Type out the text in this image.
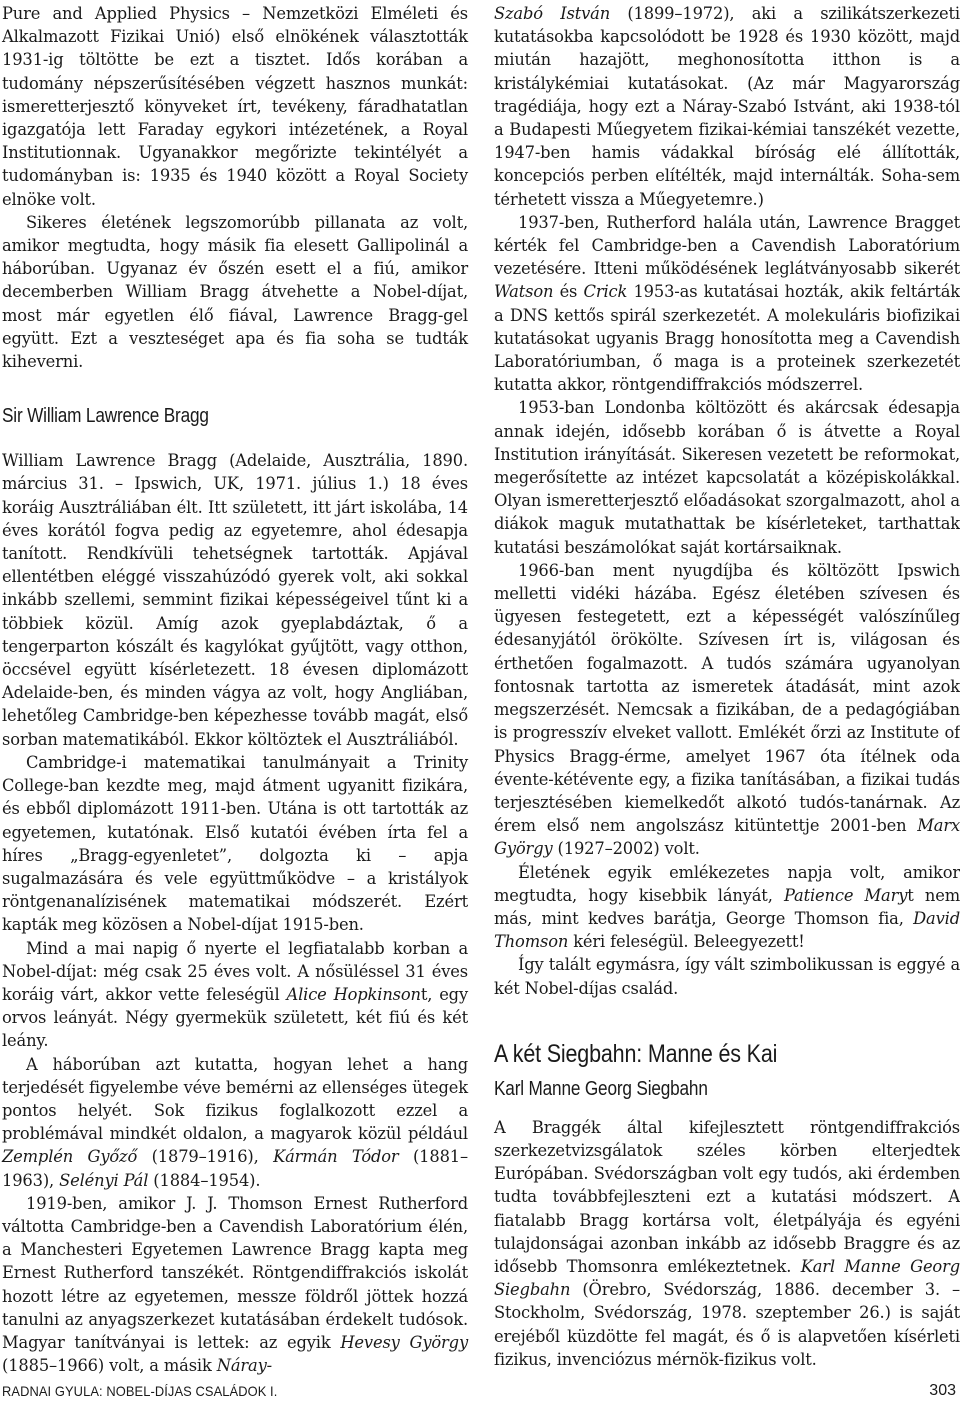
Pure and Applied Physics – Nemzetközi Elméleti és Alkalmazott Fizikai Unió) első elnökének választották 1931-ig töltötte be ezt a tisztet. Idős korában a tudomány népszerűsítésében végzett hasznos munkát: ismeretterjesztő könyveket írt, tevékeny, fáradhatatlan igazgatója lett Faraday egykori intézetének, a Royal Institutionnak. Ugyanakkor megőrizte tekintélyét a tudományban is: 1935 és 1940 között a Royal Society elnöke volt.

Sikeres életének legszomorúbb pillanata az volt, amikor megtudta, hogy másik fia elesett Gallipolinál a háborúban. Ugyanaz év őszén esett el a fiú, amikor decemberben William Bragg átvehette a Nobel-díjat, most már egyetlen élő fiával, Lawrence Bragg-gel együtt. Ezt a veszteséget apa és fia soha se tudták kiheverni.

Sir William Lawrence Bragg

William Lawrence Bragg (Adelaide, Ausztrália, 1890. március 31. – Ipswich, UK, 1971. július 1.) 18 éves koráig Ausztráliában élt. Itt született, itt járt iskolába, 14 éves korától fogva pedig az egyetemre, ahol édesapja tanított. Rendkívüli tehetségnek tartották. Apjával ellentétben eléggé visszahúzódó gyerek volt, aki sokkal inkább szellemi, semmint fizikai képességeivel tűnt ki a többiek közül. Amíg azok gyeplabdáztak, ő a tengerparton kószált és kagylókat gyűjtött, vagy otthon, öccsével együtt kísérletezett. 18 évesen diplomázott Adelaide-ben, és minden vágya az volt, hogy Angliában, lehetőleg Cambridge-ben képezhesse tovább magát, első sorban matematikából. Ekkor költöztek el Ausztráliából.

Cambridge-i matematikai tanulmányait a Trinity College-ban kezdte meg, majd átment ugyanitt fizikára, és ebből diplomázott 1911-ben. Utána is ott tartották az egyetemen, kutatónak. Első kutatói évében írta fel a híres „Bragg-egyenletet”, dolgozta ki – apja sugalmazására és vele együttműködve – a kristályok röntgenanalízisének matematikai módszerét. Ezért kapták meg közösen a Nobel-díjat 1915-ben.

Mind a mai napig ő nyerte el legfiatalabb korban a Nobel-díjat: még csak 25 éves volt. A nősüléssel 31 éves koráig várt, akkor vette feleségül Alice Hopkinsont, egy orvos leányát. Négy gyermekük született, két fiú és két leány.

A háborúban azt kutatta, hogyan lehet a hang terjedését figyelembe véve bemérni az ellenséges ütegek pontos helyét. Sok fizikus foglalkozott ezzel a problémával mindkét oldalon, a magyarok közül például Zemplén Győző (1879–1916), Kármán Tódor (1881–1963), Selényi Pál (1884–1954).

1919-ben, amikor J. J. Thomson Ernest Rutherford váltotta Cambridge-ben a Cavendish Laboratórium élén, a Manchesteri Egyetemen Lawrence Bragg kapta meg Ernest Rutherford tanszékét. Röntgendiffrakciós iskolát hozott létre az egyetemen, messze földről jöttek hozzá tanulni az anyagszerkezet kutatásában érdekelt tudósok. Magyar tanítványai is lettek: az egyik Hevesy György (1885–1966) volt, a másik Náray-

Szabó István (1899–1972), aki a szilikátszerkezeti kutatásokba kapcsolódott be 1928 és 1930 között, majd miután hazajött, meghonosította itthon is a kristálykémiai kutatásokat. (Az már Magyarország tragédiája, hogy ezt a Náray-Szabó Istvánt, aki 1938-tól a Budapesti Műegyetem fizikai-kémiai tanszékét vezette, 1947-ben hamis vádakkal bíróság elé állították, koncepciós perben elítélték, majd internálták. Soha-sem térhetett vissza a Műegyetemre.)

1937-ben, Rutherford halála után, Lawrence Bragget kérték fel Cambridge-ben a Cavendish Laboratórium vezetésére. Itteni működésének leglátványosabb sikerét Watson és Crick 1953-as kutatásai hozták, akik feltárták a DNS kettős spirál szerkezetét. A molekuláris biofizikai kutatásokat ugyanis Bragg honosította meg a Cavendish Laboratóriumban, ő maga is a proteinek szerkezetét kutatta akkor, röntgendiffrakciós módszerrel.

1953-ban Londonba költözött és akárcsak édesapja annak idején, idősebb korában ő is átvette a Royal Institution irányítását. Sikeresen vezetett be reformokat, megerősítette az intézet kapcsolatát a középiskolákkal. Olyan ismeretterjesztő előadásokat szorgalmazott, ahol a diákok maguk mutathattak be kísérleteket, tarthattak kutatási beszámolókat saját kortársaiknak.

1966-ban ment nyugdíjba és költözött Ipswich melletti vidéki házába. Egész életében szívesen és ügyesen festegetett, ezt a képességét valószínűleg édesanyjától örökölte. Szívesen írt is, világosan és érthetően fogalmazott. A tudós számára ugyanolyan fontosnak tartotta az ismeretek átadását, mint azok megszerzését. Nemcsak a fizikában, de a pedagógiában is progresszív elveket vallott. Emlékét őrzi az Institute of Physics Bragg-érme, amelyet 1967 óta ítélnek oda évente-kétévente egy, a fizika tanításában, a fizikai tudás terjesztésében kiemelkedőt alkotó tudós-tanárnak. Az érem első nem angolszász kitüntettje 2001-ben Marx György (1927–2002) volt.

Életének egyik emlékezetes napja volt, amikor megtudta, hogy kisebbik lányát, Patience Maryt nem más, mint kedves barátja, George Thomson fia, David Thomson kéri feleségül. Beleegyezett!

Így talált egymásra, így vált szimbolikussan is eggyé a két Nobel-díjas család.

A két Siegbahn: Manne és Kai
Karl Manne Georg Siegbahn

A Braggék által kifejlesztett röntgendiffrakciós szerkezetvizsgálatok széles körben elterjedtek Európában. Svédországban volt egy tudós, aki érdemben tudta továbbfejleszteni ezt a kutatási módszert. A fiatalabb Bragg kortársa volt, életpályája és egyéni tulajdonságai azonban inkább az idősebb Braggre és az idősebb Thomsonra emlékeztetnek. Karl Manne Georg Siegbahn (Örebro, Svédország, 1886. december 3. – Stockholm, Svédország, 1978. szeptember 26.) is saját erejéből küzdötte fel magát, és ő is alapvetően kísérleti fizikus, invenciózus mérnök-fizikus volt.

RADNAI GYULA: NOBEL-DÍJAS CSALÁDOK I.	303
